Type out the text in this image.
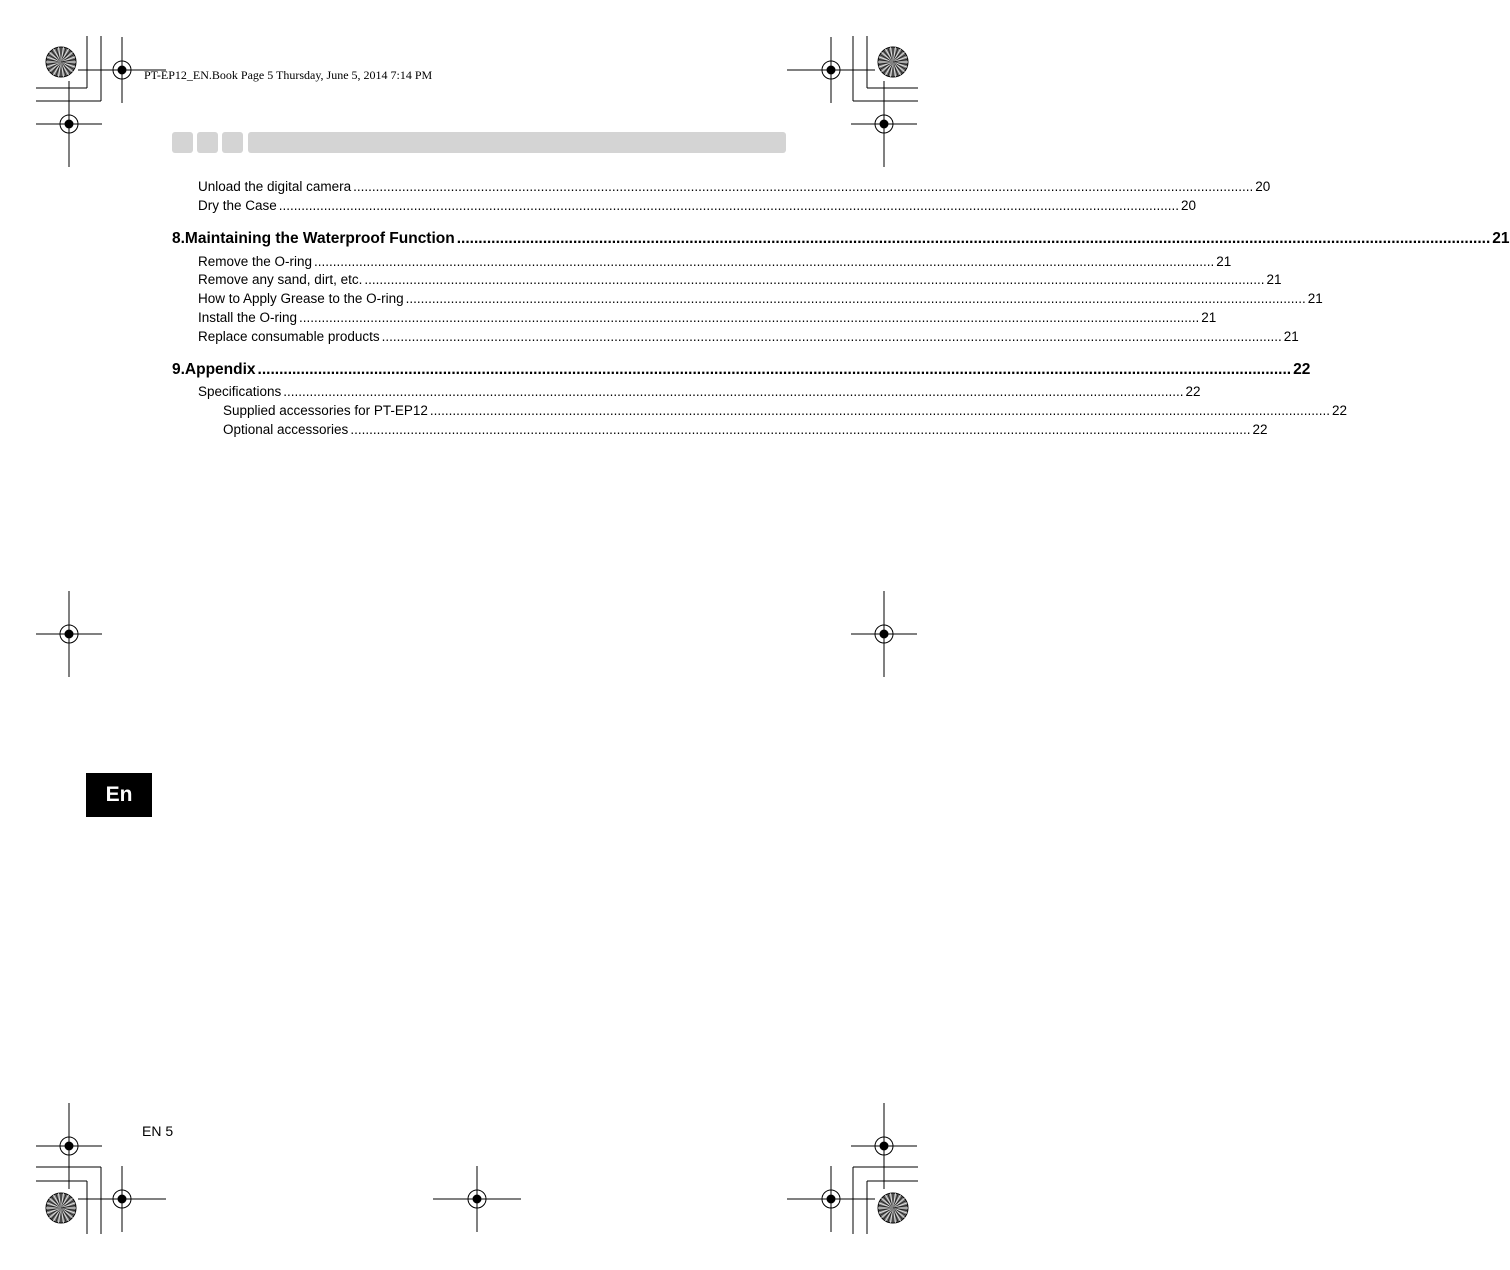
PT-EP12_EN.Book Page 5 Thursday, June 5, 2014 7:14 PM
Unload the digital camera ................................................................................................................................................................................................................................................ 20
Dry the Case ................................................................................................................................................................................................................................................ 20
8.Maintaining the Waterproof Function ................................................................................................................................................................................................................................................ 21
Remove the O-ring ................................................................................................................................................................................................................................................ 21
Remove any sand, dirt, etc. ................................................................................................................................................................................................................................................ 21
How to Apply Grease to the O-ring ................................................................................................................................................................................................................................................ 21
Install the O-ring ................................................................................................................................................................................................................................................ 21
Replace consumable products ................................................................................................................................................................................................................................................ 21
9.Appendix ................................................................................................................................................................................................................................................ 22
Specifications ................................................................................................................................................................................................................................................ 22
Supplied accessories for PT-EP12 ................................................................................................................................................................................................................................................ 22
Optional accessories ................................................................................................................................................................................................................................................ 22
En
EN 5
